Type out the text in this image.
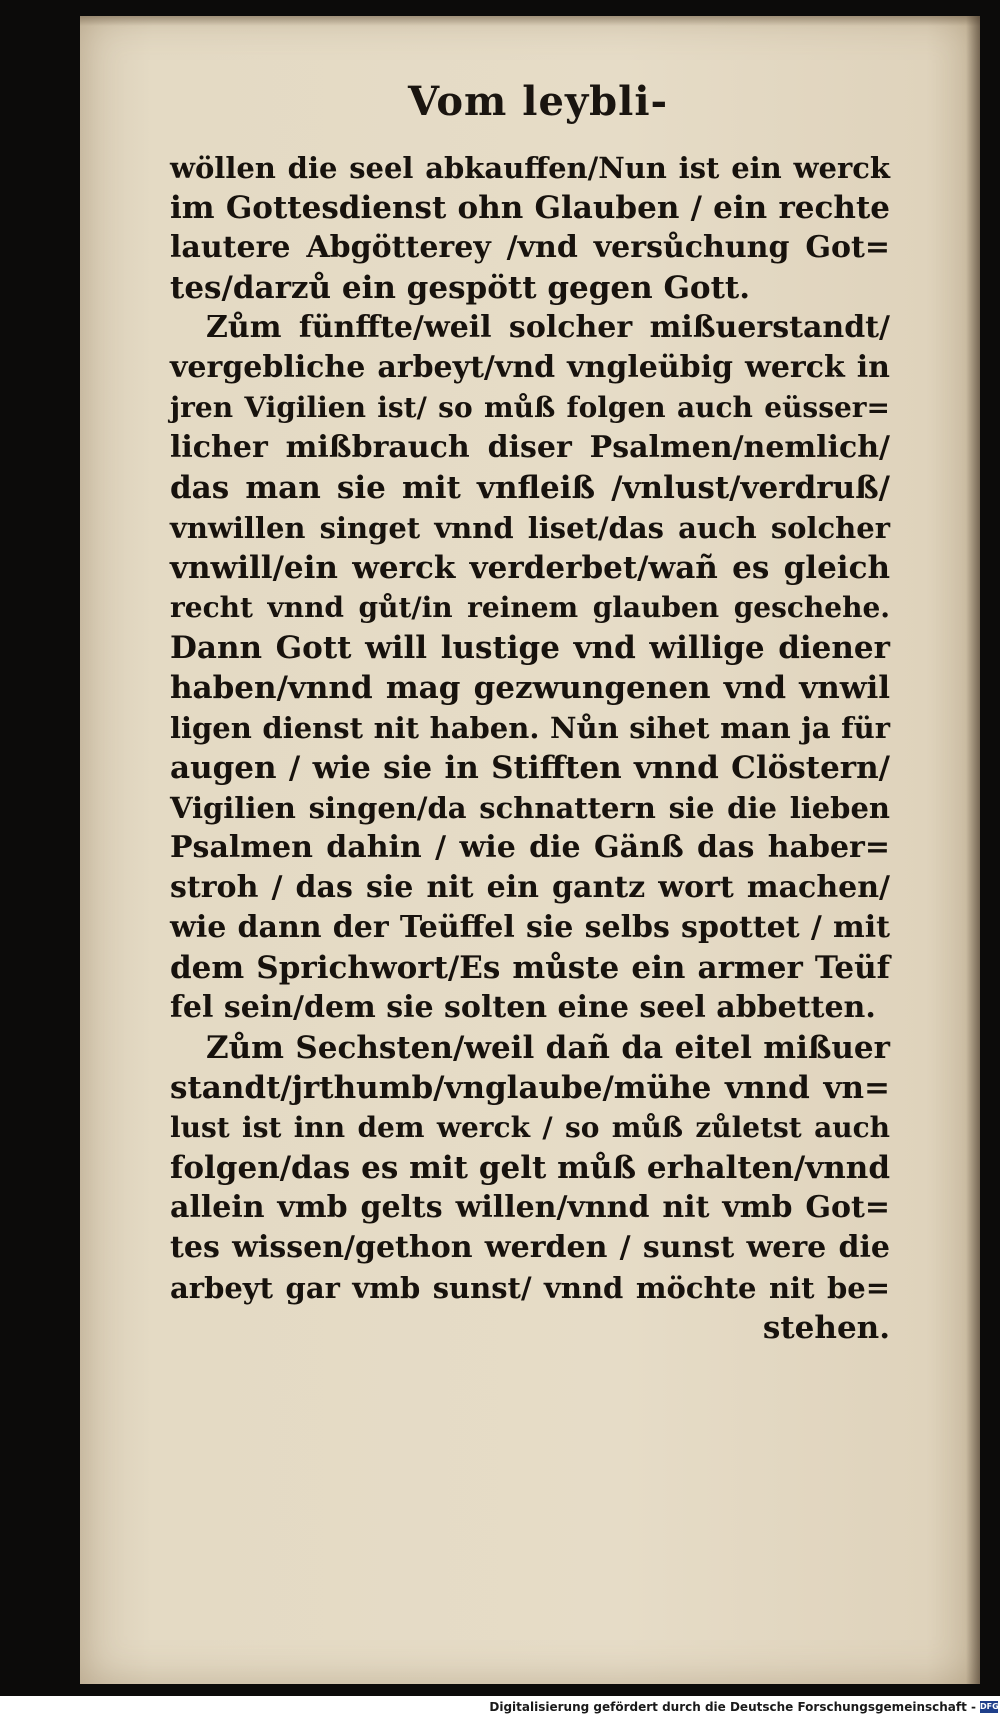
Vom leybli-
wöllen die seel abkauffen/Nun ist ein werck
im Gottesdienst ohn Glauben / ein rechte
lautere Abgötterey /vnd versůchung Got=
tes/darzů ein gespött gegen Gott.
Zům fünffte/weil solcher mißuerstandt/
vergebliche arbeyt/vnd vngleübig werck in
jren Vigilien ist/ so můß folgen auch eüsser=
licher mißbrauch diser Psalmen/nemlich/
das man sie mit vnfleiß /vnlust/verdruß/
vnwillen singet vnnd liset/das auch solcher
vnwill/ein werck verderbet/wañ es gleich
recht vnnd gůt/in reinem glauben geschehe.
Dann Gott will lustige vnd willige diener
haben/vnnd mag gezwungenen vnd vnwil
ligen dienst nit haben. Nůn sihet man ja für
augen / wie sie in Stifften vnnd Clöstern/
Vigilien singen/da schnattern sie die lieben
Psalmen dahin / wie die Gänß das haber=
stroh / das sie nit ein gantz wort machen/
wie dann der Teüffel sie selbs spottet / mit
dem Sprichwort/Es můste ein armer Teüf
fel sein/dem sie solten eine seel abbetten.
Zům Sechsten/weil dañ da eitel mißuer
standt/jrthumb/vnglaube/mühe vnnd vn=
lust ist inn dem werck / so můß zůletst auch
folgen/das es mit gelt můß erhalten/vnnd
allein vmb gelts willen/vnnd nit vmb Got=
tes wissen/gethon werden / sunst were die
arbeyt gar vmb sunst/ vnnd möchte nit be=
stehen.
Digitalisierung gefördert durch die Deutsche Forschungsgemeinschaft - DFG
